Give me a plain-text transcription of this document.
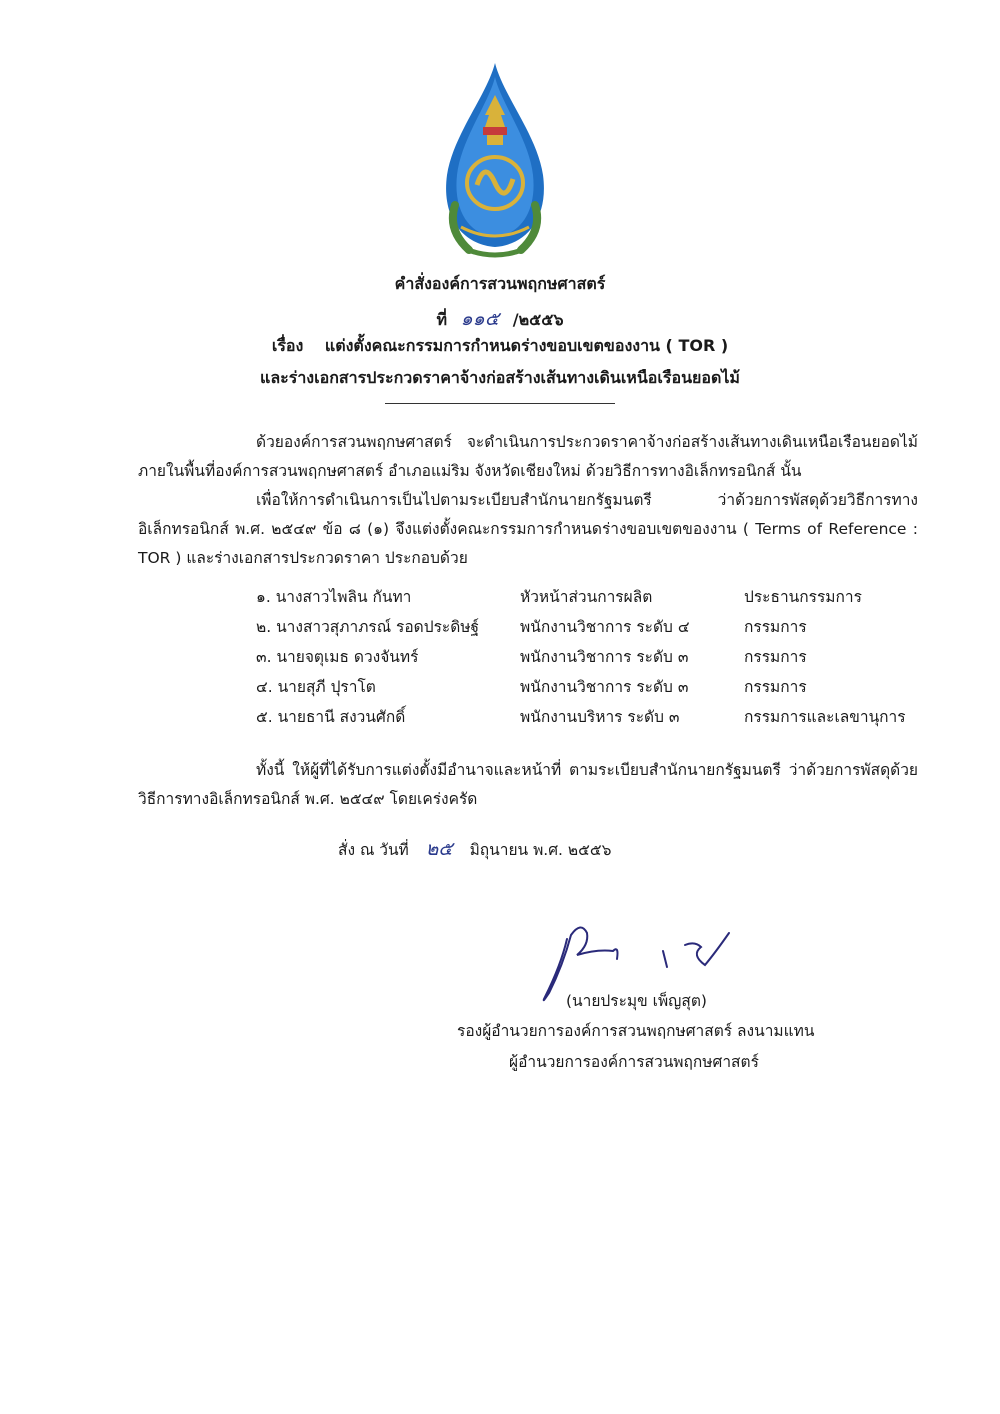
คำสั่งองค์การสวนพฤกษศาสตร์
ที่ ๑๑๕ /๒๕๕๖
เรื่อง แต่งตั้งคณะกรรมการกำหนดร่างขอบเขตของงาน ( TOR )
และร่างเอกสารประกวดราคาจ้างก่อสร้างเส้นทางเดินเหนือเรือนยอดไม้

ด้วยองค์การสวนพฤกษศาสตร์ จะดำเนินการประกวดราคาจ้างก่อสร้างเส้นทางเดินเหนือเรือนยอดไม้ ภายในพื้นที่องค์การสวนพฤกษศาสตร์ อำเภอแม่ริม จังหวัดเชียงใหม่ ด้วยวิธีการทางอิเล็กทรอนิกส์ นั้น

เพื่อให้การดำเนินการเป็นไปตามระเบียบสำนักนายกรัฐมนตรี ว่าด้วยการพัสดุด้วยวิธีการทางอิเล็กทรอนิกส์ พ.ศ. ๒๕๔๙ ข้อ ๘ (๑) จึงแต่งตั้งคณะกรรมการกำหนดร่างขอบเขตของงาน ( Terms of Reference : TOR ) และร่างเอกสารประกวดราคา ประกอบด้วย

๑. นางสาวไพลิน กันทา	หัวหน้าส่วนการผลิต	ประธานกรรมการ
๒. นางสาวสุภาภรณ์ รอดประดิษฐ์	พนักงานวิชาการ ระดับ ๔	กรรมการ
๓. นายจตุเมธ ดวงจันทร์	พนักงานวิชาการ ระดับ ๓	กรรมการ
๔. นายสุภี ปุราโต	พนักงานวิชาการ ระดับ ๓	กรรมการ
๕. นายธานี สงวนศักดิ์	พนักงานบริหาร ระดับ ๓	กรรมการและเลขานุการ

ทั้งนี้ ให้ผู้ที่ได้รับการแต่งตั้งมีอำนาจและหน้าที่ ตามระเบียบสำนักนายกรัฐมนตรี ว่าด้วยการพัสดุด้วยวิธีการทางอิเล็กทรอนิกส์ พ.ศ. ๒๕๔๙ โดยเคร่งครัด

สั่ง ณ วันที่ ๒๕ มิถุนายน พ.ศ. ๒๕๕๖
(นายประมุข เพ็ญสุต)
รองผู้อำนวยการองค์การสวนพฤกษศาสตร์ ลงนามแทน
ผู้อำนวยการองค์การสวนพฤกษศาสตร์
